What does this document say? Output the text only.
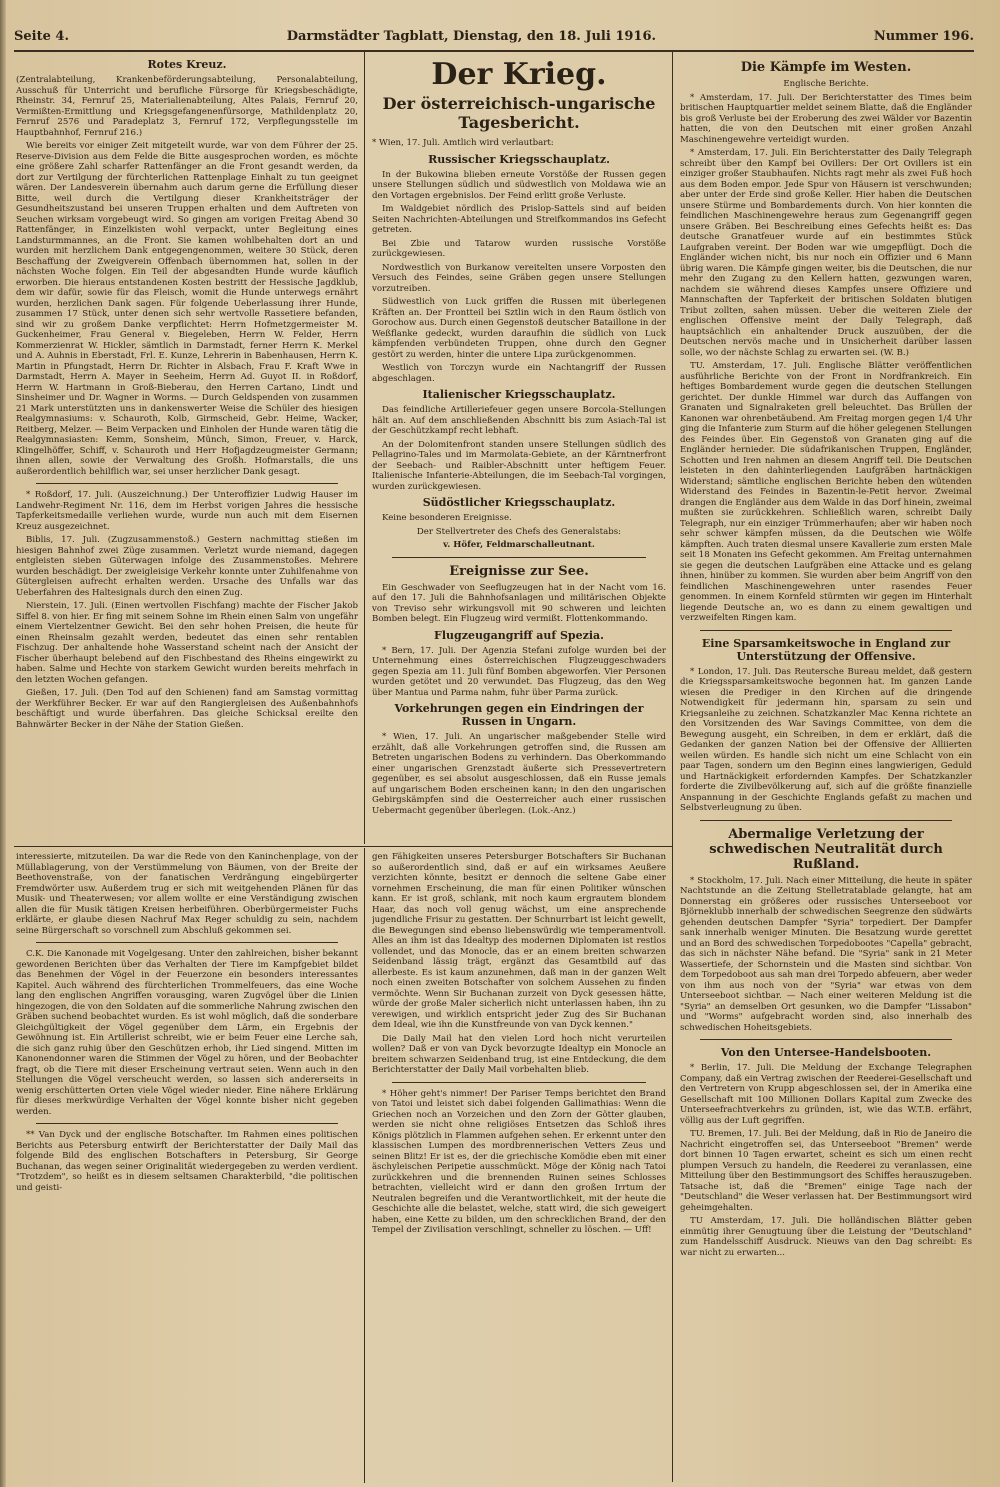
Seite 4.	Darmstädter Tagblatt, Dienstag, den 18. Juli 1916.	Nummer 196.
Rotes Kreuz.

(Zentralabteilung, Krankenbeförderungsabteilung, Personalabteilung, Ausschuß für Unterricht und berufliche Fürsorge für Kriegsbeschädigte, Rheinstr. 34, Fernruf 25, Materialienabteilung, Altes Palais, Fernruf 20, Vermißten-Ermittlung und Kriegsgefangenenfürsorge, Mathildenplatz 20, Fernruf 2576 und Paradeplatz 3, Fernruf 172, Verpflegungsstelle im Hauptbahnhof, Fernruf 216.)

Wie bereits vor einiger Zeit mitgeteilt wurde, war von dem Führer der 25. Reserve-Division aus dem Felde die Bitte ausgesprochen worden, es möchte eine größere Zahl scharfer Rattenfänger an die Front gesandt werden, da dort zur Vertilgung der fürchterlichen Rattenplage Einhalt zu tun geeignet wären. Der Landesverein übernahm auch darum gerne die Erfüllung dieser Bitte, weil durch die Vertilgung dieser Krankheitsträger der Gesundheitszustand bei unseren Truppen erhalten und dem Auftreten von Seuchen wirksam vorgebeugt wird. So gingen am vorigen Freitag Abend 30 Rattenfänger, in Einzelkisten wohl verpackt, unter Begleitung eines Landsturmmannes, an die Front. Sie kamen wohlbehalten dort an und wurden mit herzlichem Dank entgegengenommen, weitere 30 Stück, deren Beschaffung der Zweigverein Offenbach übernommen hat, sollen in der nächsten Woche folgen. Ein Teil der abgesandten Hunde wurde käuflich erworben. Die hieraus entstandenen Kosten bestritt der Hessische Jagdklub, dem wir dafür, sowie für das Fleisch, womit die Hunde unterwegs ernährt wurden, herzlichen Dank sagen. Für folgende Ueberlassung ihrer Hunde, zusammen 17 Stück, unter denen sich sehr wertvolle Rassetiere befanden, sind wir zu großem Danke verpflichtet: Herrn Hofmetzgermeister M. Guckenheimer, Frau General v. Biegeleben, Herrn W. Felder, Herrn Kommerzienrat W. Hickler, sämtlich in Darmstadt, ferner Herrn K. Merkel und A. Auhnis in Eberstadt, Frl. E. Kunze, Lehrerin in Babenhausen, Herrn K. Martin in Pfungstadt, Herrn Dr. Richter in Alsbach, Frau F. Kraft Wwe in Darmstadt, Herrn A. Mayer in Seeheim, Herrn Ad. Guyot II. in Roßdorf, Herrn W. Hartmann in Groß-Bieberau, den Herren Cartano, Lindt und Sinsheimer und Dr. Wagner in Worms. — Durch Geldspenden von zusammen 21 Mark unterstützten uns in dankenswerter Weise die Schüler des hiesigen Realgymnasiums: v. Schauroth, Kolb, Girmscheid, Gebr. Heime, Wacker, Reitberg, Melzer. — Beim Verpacken und Einholen der Hunde waren tätig die Realgymnasiasten: Kemm, Sonsheim, Münch, Simon, Freuer, v. Harck, Klingelhöffer, Schiff, v. Schauroth und Herr Hofjagdzeugmeister Germann; ihnen allen, sowie der Verwaltung des Großh. Hofmarstalls, die uns außerordentlich behilflich war, sei unser herzlicher Dank gesagt.

* Roßdorf, 17. Juli. (Auszeichnung.) Der Unteroffizier Ludwig Hauser im Landwehr-Regiment Nr. 116, dem im Herbst vorigen Jahres die hessische Tapferkeitsmedaille verliehen wurde, wurde nun auch mit dem Eisernen Kreuz ausgezeichnet.

Biblis, 17. Juli. (Zugzusammenstoß.) Gestern nachmittag stießen im hiesigen Bahnhof zwei Züge zusammen. Verletzt wurde niemand, dagegen entgleisten sieben Güterwagen infolge des Zusammenstoßes. Mehrere wurden beschädigt. Der zweigleisige Verkehr konnte unter Zuhilfenahme von Gütergleisen aufrecht erhalten werden. Ursache des Unfalls war das Ueberfahren des Haltesignals durch den einen Zug.

Nierstein, 17. Juli. (Einen wertvollen Fischfang) machte der Fischer Jakob Siffel 8. von hier. Er fing mit seinem Sohne im Rhein einen Salm von ungefähr einem Viertelzentner Gewicht. Bei den sehr hohen Preisen, die heute für einen Rheinsalm gezahlt werden, bedeutet das einen sehr rentablen Fischzug. Der anhaltende hohe Wasserstand scheint nach der Ansicht der Fischer überhaupt belebend auf den Fischbestand des Rheins eingewirkt zu haben. Salme und Hechte von starkem Gewicht wurden bereits mehrfach in den letzten Wochen gefangen.

Gießen, 17. Juli. (Den Tod auf den Schienen) fand am Samstag vormittag der Werkführer Becker. Er war auf den Rangiergleisen des Außenbahnhofs beschäftigt und wurde überfahren. Das gleiche Schicksal ereilte den Bahnwärter Becker in der Nähe der Station Gießen.

Der Krieg.
Der österreichisch-ungarische Tagesbericht.

* Wien, 17. Juli. Amtlich wird verlautbart:

Russischer Kriegsschauplatz.

In der Bukowina blieben erneute Vorstöße der Russen gegen unsere Stellungen südlich und südwestlich von Moldawa wie an den Vortagen ergebnislos. Der Feind erlitt große Verluste.

Im Waldgebiet nördlich des Prislop-Sattels sind auf beiden Seiten Nachrichten-Abteilungen und Streifkommandos ins Gefecht getreten.

Bei Zbie und Tatarow wurden russische Vorstöße zurückgewiesen.

Nordwestlich von Burkanow vereitelten unsere Vorposten den Versuch des Feindes, seine Gräben gegen unsere Stellungen vorzutreiben.

Südwestlich von Luck griffen die Russen mit überlegenen Kräften an. Der Frontteil bei Sztlin wich in den Raum östlich von Gorochow aus. Durch einen Gegenstoß deutscher Bataillone in der Weßflanke gedeckt, wurden daraufhin die südlich von Luck kämpfenden verbündeten Truppen, ohne durch den Gegner gestört zu werden, hinter die untere Lipa zurückgenommen.

Westlich von Torczyn wurde ein Nachtangriff der Russen abgeschlagen.

Italienischer Kriegsschauplatz.

Das feindliche Artilleriefeuer gegen unsere Borcola-Stellungen hält an. Auf dem anschließenden Abschnitt bis zum Asiach-Tal ist der Geschützkampf recht lebhaft.

An der Dolomitenfront standen unsere Stellungen südlich des Pellagrino-Tales und im Marmolata-Gebiete, an der Kärntnerfront der Seebach- und Raibler-Abschnitt unter heftigem Feuer. Italienische Infanterie-Abteilungen, die im Seebach-Tal vorgingen, wurden zurückgewiesen.

Südöstlicher Kriegsschauplatz.

Keine besonderen Ereignisse.

Der Stellvertreter des Chefs des Generalstabs:

v. Höfer, Feldmarschalleutnant.

Ereignisse zur See.

Ein Geschwader von Seeflugzeugen hat in der Nacht vom 16. auf den 17. Juli die Bahnhofsanlagen und militärischen Objekte von Treviso sehr wirkungsvoll mit 90 schweren und leichten Bomben belegt. Ein Flugzeug wird vermißt. Flottenkommando.

Flugzeugangriff auf Spezia.

* Bern, 17. Juli. Der Agenzia Stefani zufolge wurden bei der Unternehmung eines österreichischen Flugzeuggeschwaders gegen Spezia am 11. Juli fünf Bomben abgeworfen. Vier Personen wurden getötet und 20 verwundet. Das Flugzeug, das den Weg über Mantua und Parma nahm, fuhr über Parma zurück.

Vorkehrungen gegen ein Eindringen der Russen in Ungarn.

* Wien, 17. Juli. An ungarischer maßgebender Stelle wird erzählt, daß alle Vorkehrungen getroffen sind, die Russen am Betreten ungarischen Bodens zu verhindern. Das Oberkommando einer ungarischen Grenzstadt äußerte sich Pressevertretern gegenüber, es sei absolut ausgeschlossen, daß ein Russe jemals auf ungarischem Boden erscheinen kann; in den den ungarischen Gebirgskämpfen sind die Oesterreicher auch einer russischen Uebermacht gegenüber überlegen. (Lok.-Anz.)

Die Kämpfe im Westen.

Englische Berichte.

* Amsterdam, 17. Juli. Der Berichterstatter des Times beim britischen Hauptquartier meldet seinem Blatte, daß die Engländer bis groß Verluste bei der Eroberung des zwei Wälder vor Bazentin hatten, die von den Deutschen mit einer großen Anzahl Maschinengewehre verteidigt wurden.

* Amsterdam, 17. Juli. Ein Berichterstatter des Daily Telegraph schreibt über den Kampf bei Ovillers: Der Ort Ovillers ist ein einziger großer Staubhaufen. Nichts ragt mehr als zwei Fuß hoch aus dem Boden empor. Jede Spur von Häusern ist verschwunden; aber unter der Erde sind große Keller. Hier haben die Deutschen unsere Stürme und Bombardements durch. Von hier konnten die feindlichen Maschinengewehre heraus zum Gegenangriff gegen unsere Gräben. Bei Beschreibung eines Gefechts heißt es: Das deutsche Granatfeuer wurde auf ein bestimmtes Stück Laufgraben vereint. Der Boden war wie umgepflügt. Doch die Engländer wichen nicht, bis nur noch ein Offizier und 6 Mann übrig waren. Die Kämpfe gingen weiter, bis die Deutschen, die nur mehr den Zugang zu den Kellern hatten, gezwungen waren, nachdem sie während dieses Kampfes unsere Offiziere und Mannschaften der Tapferkeit der britischen Soldaten blutigen Tribut zollten, sahen müssen. Ueber die weiteren Ziele der englischen Offensive meint der Daily Telegraph, daß hauptsächlich ein anhaltender Druck auszuüben, der die Deutschen nervös mache und in Unsicherheit darüber lassen solle, wo der nächste Schlag zu erwarten sei. (W. B.)

TU. Amsterdam, 17. Juli. Englische Blätter veröffentlichen ausführliche Berichte von der Front in Nordfrankreich. Ein heftiges Bombardement wurde gegen die deutschen Stellungen gerichtet. Der dunkle Himmel war durch das Auffangen von Granaten und Signalraketen grell beleuchtet. Das Brüllen der Kanonen war ohrenbetäubend. Am Freitag morgen gegen 1/4 Uhr ging die Infanterie zum Sturm auf die höher gelegenen Stellungen des Feindes über. Ein Gegenstoß von Granaten ging auf die Engländer hernieder. Die südafrikanischen Truppen, Engländer, Schotten und Iren nahmen an diesem Angriff teil. Die Deutschen leisteten in den dahinterliegenden Laufgräben hartnäckigen Widerstand; sämtliche englischen Berichte heben den wütenden Widerstand des Feindes in Bazentin-le-Petit hervor. Zweimal drangen die Engländer aus dem Walde in das Dorf hinein, zweimal mußten sie zurückkehren. Schließlich waren, schreibt Daily Telegraph, nur ein einziger Trümmerhaufen; aber wir haben noch sehr schwer kämpfen müssen, da die Deutschen wie Wölfe kämpften. Auch traten diesmal unsere Kavallerie zum ersten Male seit 18 Monaten ins Gefecht gekommen. Am Freitag unternahmen sie gegen die deutschen Laufgräben eine Attacke und es gelang ihnen, hinüber zu kommen. Sie wurden aber beim Angriff von den feindlichen Maschinengewehren unter rasendes Feuer genommen. In einem Kornfeld stürmten wir gegen im Hinterhalt liegende Deutsche an, wo es dann zu einem gewaltigen und verzweifelten Ringen kam.

Eine Sparsamkeitswoche in England zur Unterstützung der Offensive.

* London, 17. Juli. Das Reutersche Bureau meldet, daß gestern die Kriegssparsamkeitswoche begonnen hat. Im ganzen Lande wiesen die Prediger in den Kirchen auf die dringende Notwendigkeit für jedermann hin, sparsam zu sein und Kriegsanleihe zu zeichnen. Schatzkanzler Mac Kenna richtete an den Vorsitzenden des War Savings Committee, von dem die Bewegung ausgeht, ein Schreiben, in dem er erklärt, daß die Gedanken der ganzen Nation bei der Offensive der Alliierten weilen würden. Es handle sich nicht um eine Schlacht von ein paar Tagen, sondern um den Beginn eines langwierigen, Geduld und Hartnäckigkeit erfordernden Kampfes. Der Schatzkanzler forderte die Zivilbevölkerung auf, sich auf die größte finanzielle Anspannung in der Geschichte Englands gefaßt zu machen und Selbstverleugnung zu üben.

Abermalige Verletzung der schwedischen Neutralität durch Rußland.

* Stockholm, 17. Juli. Nach einer Mitteilung, die heute in später Nachtstunde an die Zeitung Stelletratablade gelangte, hat am Donnerstag ein größeres oder russisches Unterseeboot vor Björneklubb innerhalb der schwedischen Seegrenze den südwärts gehenden deutschen Dampfer "Syria" torpediert. Der Dampfer sank innerhalb weniger Minuten. Die Besatzung wurde gerettet und an Bord des schwedischen Torpedobootes "Capella" gebracht, das sich in nächster Nähe befand. Die "Syria" sank in 21 Meter Wassertiefe, der Schornstein und die Masten sind sichtbar. Von dem Torpedoboot aus sah man drei Torpedo abfeuern, aber weder von ihm aus noch von der "Syria" war etwas von dem Unterseeboot sichtbar. — Nach einer weiteren Meldung ist die "Syria" an demselben Ort gesunken, wo die Dampfer "Lissabon" und "Worms" aufgebracht worden sind, also innerhalb des schwedischen Hoheitsgebiets.

Von den Untersee-Handelsbooten.

* Berlin, 17. Juli. Die Meldung der Exchange Telegraphen Company, daß ein Vertrag zwischen der Reederei-Gesellschaft und den Vertretern von Krupp abgeschlossen sei, der in Amerika eine Gesellschaft mit 100 Millionen Dollars Kapital zum Zwecke des Unterseefrachtverkehrs zu gründen, ist, wie das W.T.B. erfährt, völlig aus der Luft gegriffen.

TU. Bremen, 17. Juli. Bei der Meldung, daß in Rio de Janeiro die Nachricht eingetroffen sei, das Unterseeboot "Bremen" werde dort binnen 10 Tagen erwartet, scheint es sich um einen recht plumpen Versuch zu handeln, die Reederei zu veranlassen, eine Mitteilung über den Bestimmungsort des Schiffes herauszugeben. Tatsache ist, daß die "Bremen" einige Tage nach der "Deutschland" die Weser verlassen hat. Der Bestimmungsort wird geheimgehalten.

TU Amsterdam, 17. Juli. Die holländischen Blätter geben einmütig ihrer Genugtuung über die Leistung der "Deutschland" zum Handelsschiff Ausdruck. Nieuws van den Dag schreibt: Es war nicht zu erwarten...

interessierte, mitzuteilen. Da war die Rede von den Kaninchenplage, von der Müllablagerung, von der Verstümmelung von Bäumen, von der Breite der Beethovenstraße, von der fanatischen Verdrängung eingebürgerter Fremdwörter usw. Außerdem trug er sich mit weitgehenden Plänen für das Musik- und Theaterwesen; vor allem wollte er eine Verständigung zwischen allen die für Musik tätigen Kreisen herbeiführen. Oberbürgermeister Fuchs erklärte, er glaube diesen Nachruf Max Reger schuldig zu sein, nachdem seine Bürgerschaft so vorschnell zum Abschluß gekommen sei.

C.K. Die Kanonade mit Vogelgesang. Unter den zahlreichen, bisher bekannt gewordenen Berichten über das Verhalten der Tiere im Kampfgebiet bildet das Benehmen der Vögel in der Feuerzone ein besonders interessantes Kapitel. Auch während des fürchterlichen Trommelfeuers, das eine Woche lang den englischen Angriffen vorausging, waren Zugvögel über die Linien hingezogen, die von den Soldaten auf die sommerliche Nahrung zwischen den Gräben suchend beobachtet wurden. Es ist wohl möglich, daß die sonderbare Gleichgültigkeit der Vögel gegenüber dem Lärm, ein Ergebnis der Gewöhnung ist. Ein Artillerist schreibt, wie er beim Feuer eine Lerche sah, die sich ganz ruhig über den Geschützen erhob, ihr Lied singend. Mitten im Kanonendonner waren die Stimmen der Vögel zu hören, und der Beobachter fragt, ob die Tiere mit dieser Erscheinung vertraut seien. Wenn auch in den Stellungen die Vögel verscheucht werden, so lassen sich andererseits in wenig erschütterten Orten viele Vögel wieder nieder. Eine nähere Erklärung für dieses merkwürdige Verhalten der Vögel konnte bisher nicht gegeben werden.

** Van Dyck und der englische Botschafter. Im Rahmen eines politischen Berichts aus Petersburg entwirft der Berichterstatter der Daily Mail das folgende Bild des englischen Botschafters in Petersburg, Sir George Buchanan, das wegen seiner Originalität wiedergegeben zu werden verdient. "Trotzdem", so heißt es in diesem seltsamen Charakterbild, "die politischen und geisti-

gen Fähigkeiten unseres Petersburger Botschafters Sir Buchanan so außerordentlich sind, daß er auf ein wirksames Aeußere verzichten könnte, besitzt er dennoch die seltene Gabe einer vornehmen Erscheinung, die man für einen Politiker wünschen kann. Er ist groß, schlank, mit noch kaum ergrautem blondem Haar, das noch voll genug wächst, um eine ansprechende jugendliche Frisur zu gestatten. Der Schnurrbart ist leicht gewellt, die Bewegungen sind ebenso liebenswürdig wie temperamentvoll. Alles an ihm ist das Idealtyp des modernen Diplomaten ist restlos vollendet, und das Monocle, das er an einem breiten schwarzen Seidenband lässig trägt, ergänzt das Gesamtbild auf das allerbeste. Es ist kaum anzunehmen, daß man in der ganzen Welt noch einen zweiten Botschafter von solchem Aussehen zu finden vermöchte. Wenn Sir Buchanan zurzeit von Dyck gesessen hätte, würde der große Maler sicherlich nicht unterlassen haben, ihn zu verewigen, und wirklich entspricht jeder Zug des Sir Buchanan dem Ideal, wie ihn die Kunstfreunde von van Dyck kennen."

Die Daily Mail hat den vielen Lord hoch nicht verurteilen wollen? Daß er von van Dyck bevorzugte Idealtyp ein Monocle an breitem schwarzen Seidenband trug, ist eine Entdeckung, die dem Berichterstatter der Daily Mail vorbehalten blieb.

* Höher geht's nimmer! Der Pariser Temps berichtet den Brand von Tatoi und leistet sich dabei folgenden Gallimathias: Wenn die Griechen noch an Vorzeichen und den Zorn der Götter glauben, werden sie nicht ohne religiöses Entsetzen das Schloß ihres Königs plötzlich in Flammen aufgehen sehen. Er erkennt unter den klassischen Lumpen des mordbrennerischen Vetters Zeus und seinen Blitz! Er ist es, der die griechische Komödie eben mit einer äschyleischen Peripetie ausschmückt. Möge der König nach Tatoi zurückkehren und die brennenden Ruinen seines Schlosses betrachten, vielleicht wird er dann den großen Irrtum der Neutralen begreifen und die Verantwortlichkeit, mit der heute die Geschichte alle die belastet, welche, statt wird, die sich geweigert haben, eine Kette zu bilden, um den schrecklichen Brand, der den Tempel der Zivilisation verschlingt, schneller zu löschen. — Uff!
